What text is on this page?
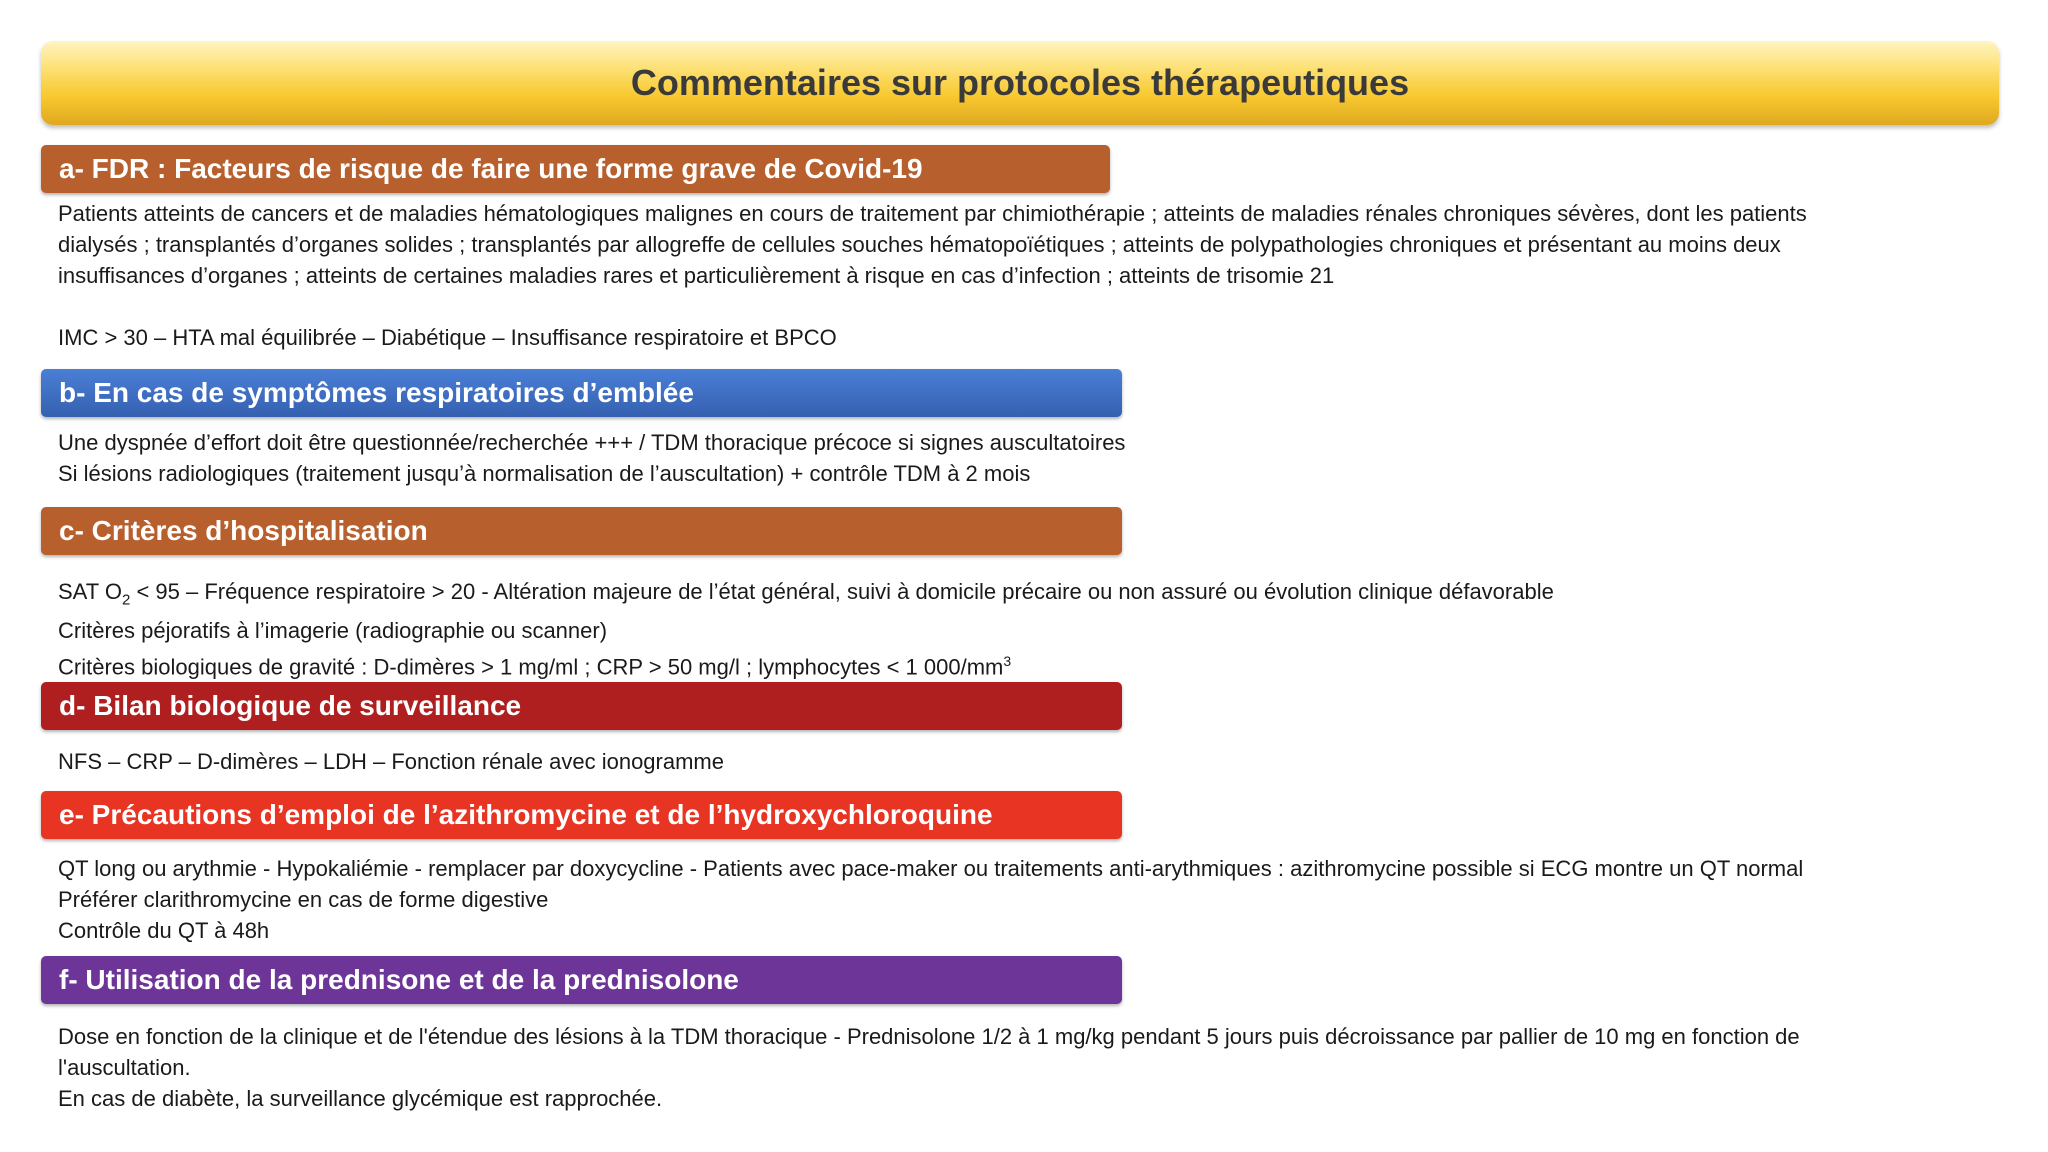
Commentaires sur protocoles thérapeutiques
a- FDR : Facteurs de risque de faire une forme grave de Covid-19

Patients atteints de cancers et de maladies hématologiques malignes en cours de traitement par chimiothérapie ; atteints de maladies rénales chroniques sévères, dont les patients

dialysés ; transplantés d’organes solides ; transplantés par allogreffe de cellules souches hématopoïétiques ; atteints de polypathologies chroniques et présentant au moins deux

insuffisances d’organes ; atteints de certaines maladies rares et particulièrement à risque en cas d’infection ; atteints de trisomie 21

IMC > 30 – HTA mal équilibrée – Diabétique – Insuffisance respiratoire et BPCO

b- En cas de symptômes respiratoires d’emblée

Une dyspnée d’effort doit être questionnée/recherchée +++ / TDM thoracique précoce si signes auscultatoires

Si lésions radiologiques (traitement jusqu’à normalisation de l’auscultation) + contrôle TDM à 2 mois

c- Critères d’hospitalisation

SAT $O_2 < 95$ – Fréquence respiratoire > 20 - Altération majeure de l’état général, suivi à domicile précaire ou non assuré ou évolution clinique défavorable

Critères péjoratifs à l’imagerie (radiographie ou scanner)

Critères biologiques de gravité : D-dimères > 1 mg/ml ; CRP > 50 mg/l ; lymphocytes < 1 $000/mm^3$

d- Bilan biologique de surveillance

NFS – CRP – D-dimères – LDH – Fonction rénale avec ionogramme

e- Précautions d’emploi de l’azithromycine et de l’hydroxychloroquine

QT long ou arythmie - Hypokaliémie - remplacer par doxycycline - Patients avec pace-maker ou traitements anti-arythmiques : azithromycine possible si ECG montre un QT normal

Préférer clarithromycine en cas de forme digestive

Contrôle du QT à 48h

f- Utilisation de la prednisone et de la prednisolone

Dose en fonction de la clinique et de l'étendue des lésions à la TDM thoracique - Prednisolone 1/2 à 1 mg/kg pendant 5 jours puis décroissance par pallier de 10 mg en fonction de

l'auscultation.

En cas de diabète, la surveillance glycémique est rapprochée.
